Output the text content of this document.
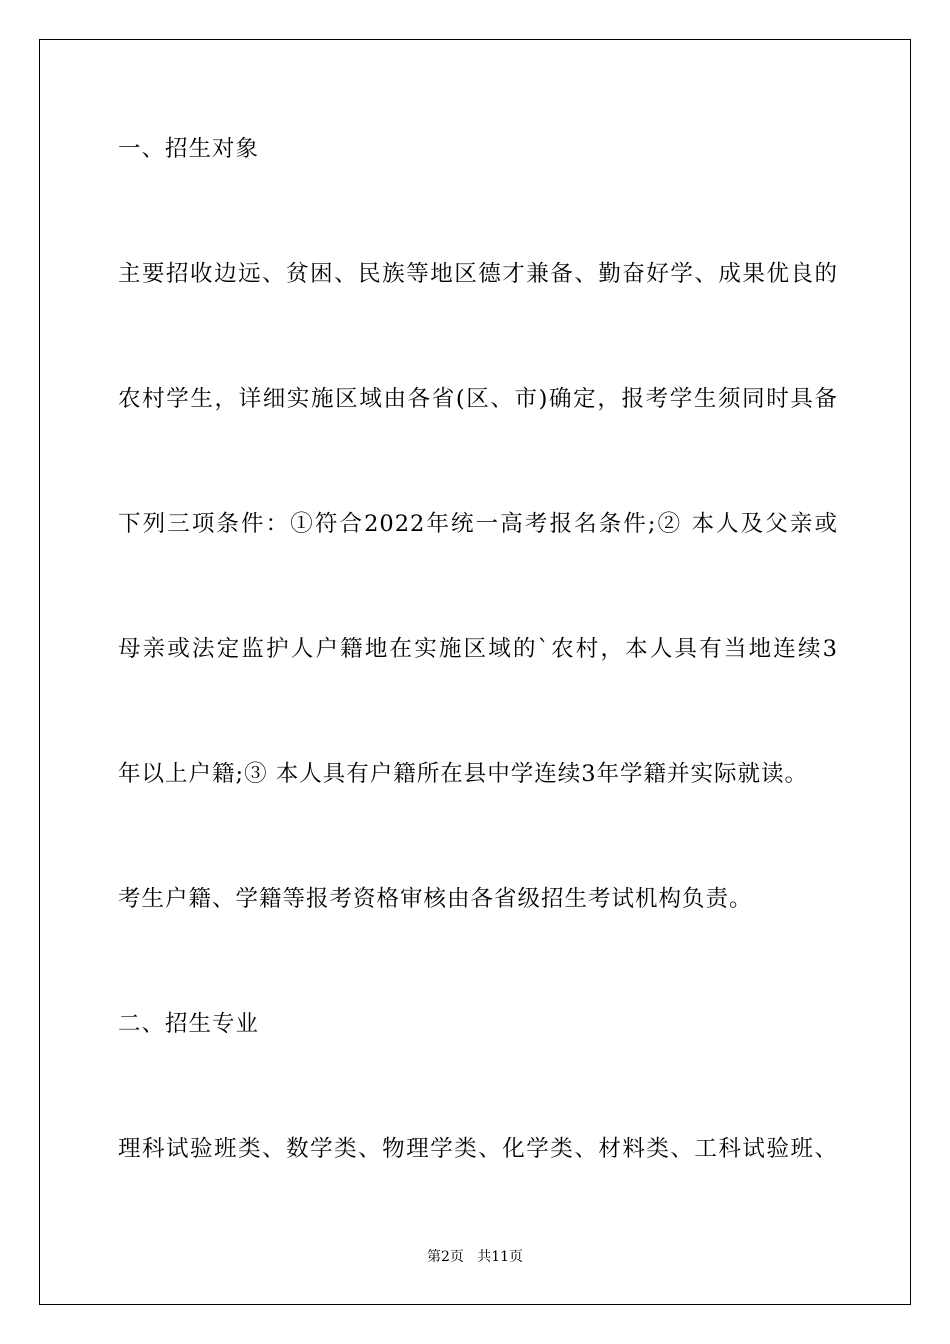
一、招生对象
主要招收边远、贫困、民族等地区德才兼备、勤奋好学、成果优良的
农村学生，详细实施区域由各省(区、市)确定，报考学生须同时具备
下列三项条件：①符合2022年统一高考报名条件;② 本人及父亲或
母亲或法定监护人户籍地在实施区域的`农村，本人具有当地连续3
年以上户籍;③ 本人具有户籍所在县中学连续3年学籍并实际就读。
考生户籍、学籍等报考资格审核由各省级招生考试机构负责。
二、招生专业
理科试验班类、数学类、物理学类、化学类、材料类、工科试验班、
第2页   共11页
